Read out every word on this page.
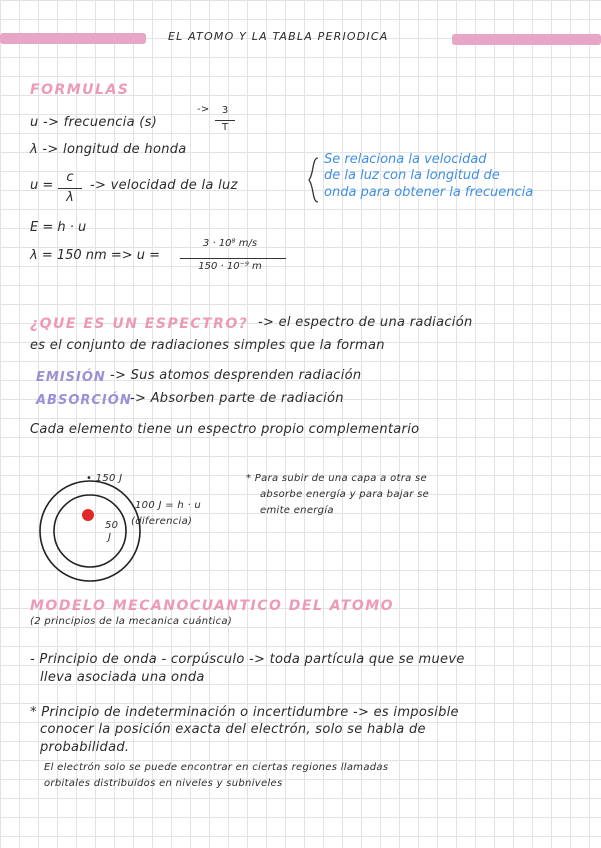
EL ATOMO Y LA TABLA PERIODICA
FORMULAS
u -> frecuencia (s)
->	3
T
λ -> longitud de honda
u =
c
λ
-> velocidad de la luz
Se relaciona la velocidad
de la luz con la longitud de
onda para obtener la frecuencia
E = h · u
λ = 150 nm => u =
3 · 10⁸ m/s
150 · 10⁻⁹ m
¿QUE ES UN ESPECTRO? -> el espectro de una radiación
es el conjunto de radiaciones simples que la forman
EMISIÓN -> Sus atomos desprenden radiación
ABSORCIÓN
-> Absorben parte de radiación
Cada elemento tiene un espectro propio complementario
• 150 J
50
J
100 J = h · u
(diferencia)
* Para subir de una capa a otra se
absorbe energía y para bajar se
emite energía
MODELO MECANOCUANTICO DEL ATOMO
(2 principios de la mecanica cuántica)
- Principio de onda - corpúsculo -> toda partícula que se mueve
lleva asociada una onda
* Principio de indeterminación o incertidumbre -> es imposible
conocer la posición exacta del electrón, solo se habla de
probabilidad.
El electrón solo se puede encontrar en ciertas regiones llamadas
orbitales distribuidos en niveles y subniveles
